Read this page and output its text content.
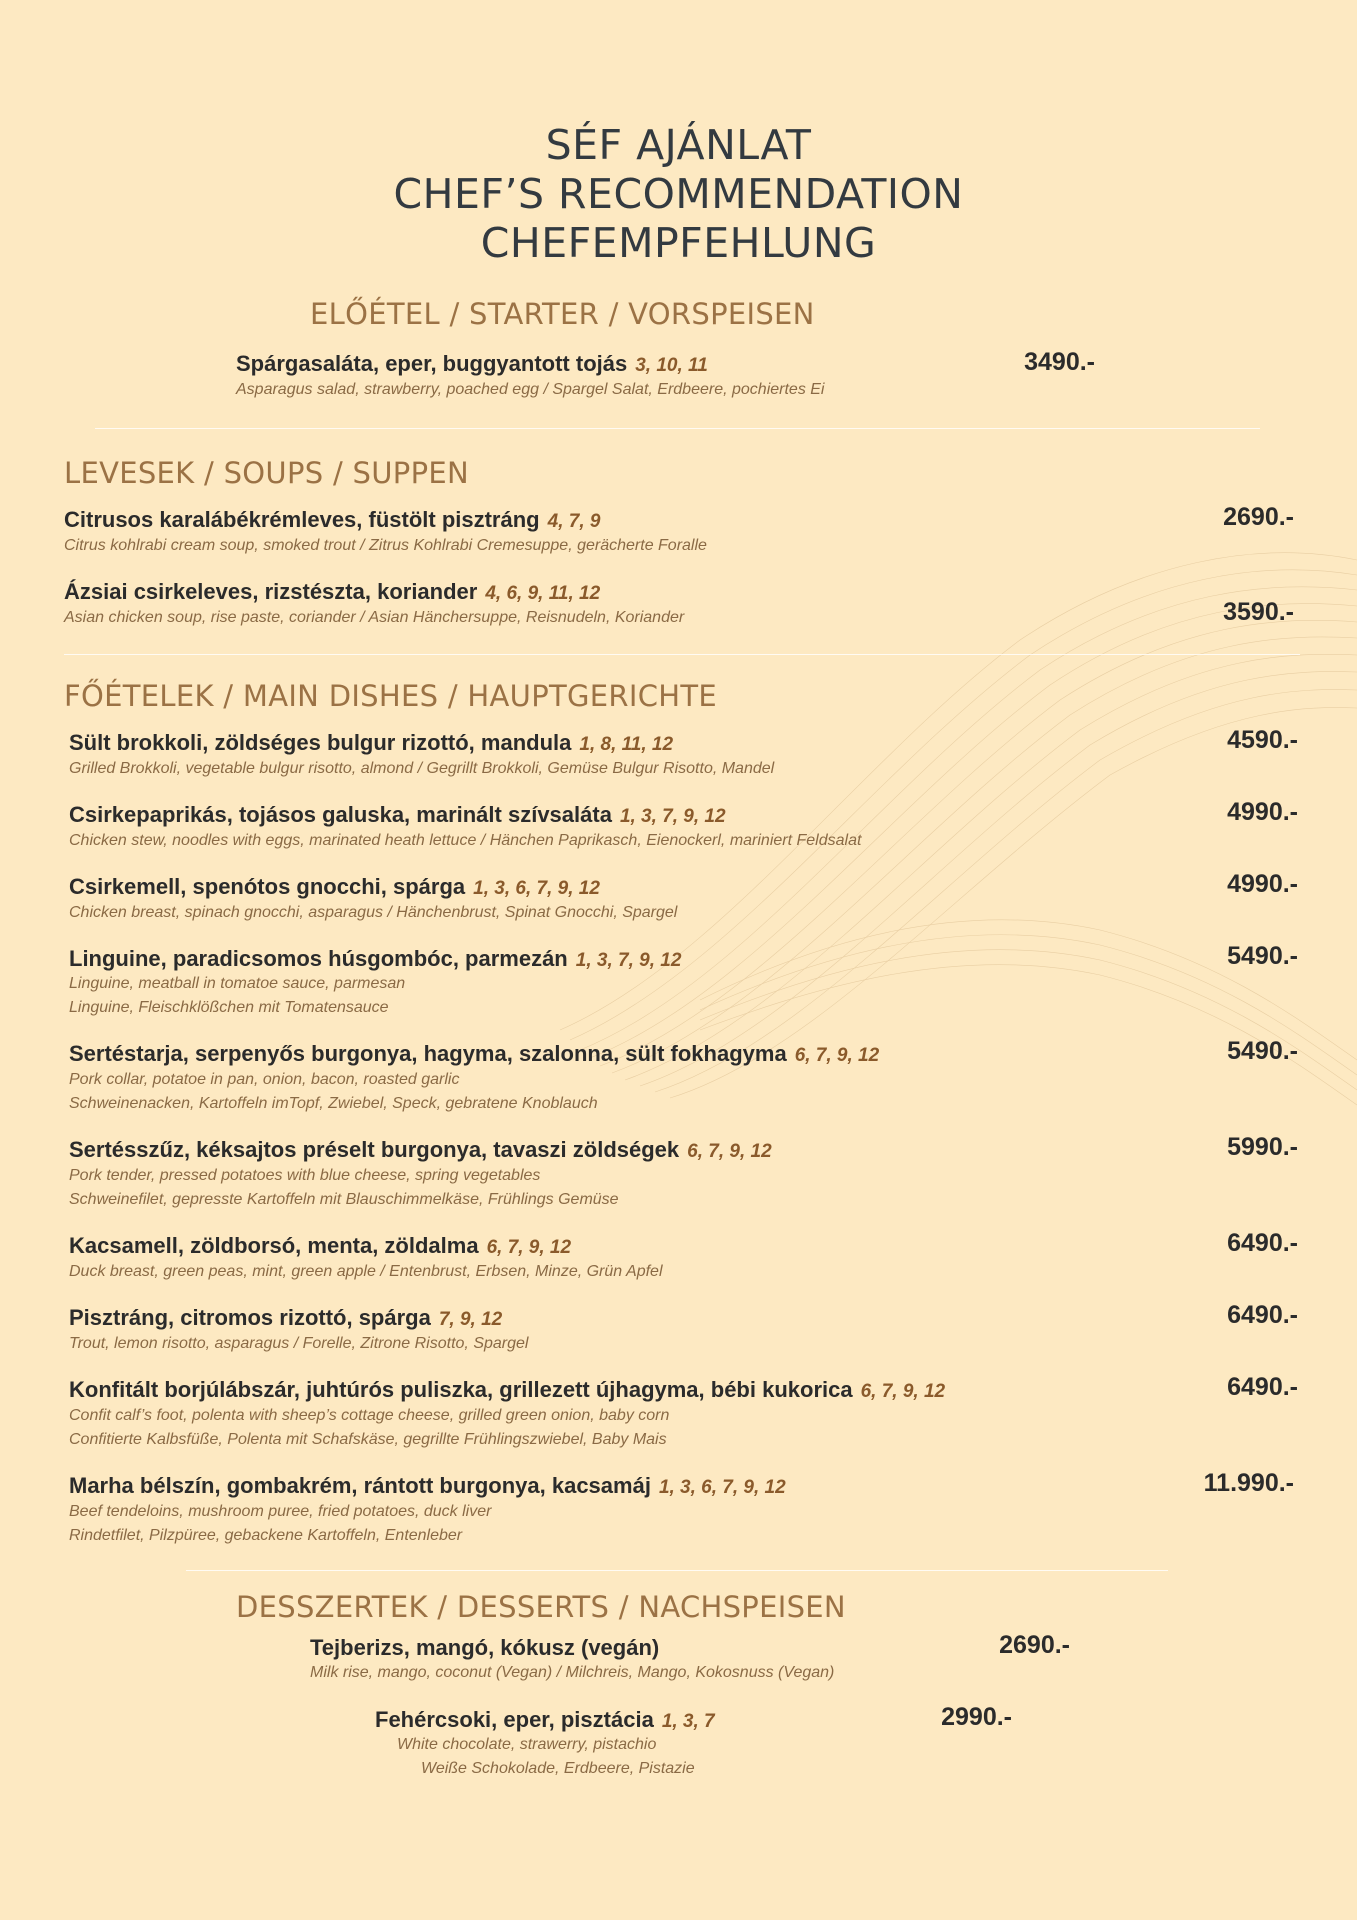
SÉF AJÁNLAT
CHEF’S RECOMMENDATION
CHEFEMPFEHLUNG
ELŐÉTEL / STARTER / VORSPEISEN
Spárgasaláta, eper, buggyantott tojás 3, 10, 11
Asparagus salad, strawberry, poached egg / Spargel Salat, Erdbeere, pochiertes Ei
3490.-
LEVESEK / SOUPS / SUPPEN
Citrusos karalábékrémleves, füstölt pisztráng 4, 7, 9
Citrus kohlrabi cream soup, smoked trout / Zitrus Kohlrabi Cremesuppe, gerächerte Foralle
2690.-
Ázsiai csirkeleves, rizstészta, koriander 4, 6, 9, 11, 12
Asian chicken soup, rise paste, coriander / Asian Hänchersuppe, Reisnudeln, Koriander	3590.-
FŐÉTELEK / MAIN DISHES / HAUPTGERICHTE
Sült brokkoli, zöldséges bulgur rizottó, mandula 1, 8, 11, 12
Grilled Brokkoli, vegetable bulgur risotto, almond / Gegrillt Brokkoli, Gemüse Bulgur Risotto, Mandel
4590.-
Csirkepaprikás, tojásos galuska, marinált szívsaláta 1, 3, 7, 9, 12
Chicken stew, noodles with eggs, marinated heath lettuce / Hänchen Paprikasch, Eienockerl, mariniert Feldsalat
4990.-
Csirkemell, spenótos gnocchi, spárga 1, 3, 6, 7, 9, 12
Chicken breast, spinach gnocchi, asparagus / Hänchenbrust, Spinat Gnocchi, Spargel
4990.-
Linguine, paradicsomos húsgombóc, parmezán 1, 3, 7, 9, 12
Linguine, meatball in tomatoe sauce, parmesan
Linguine, Fleischklößchen mit Tomatensauce
5490.-
Sertéstarja, serpenyős burgonya, hagyma, szalonna, sült fokhagyma 6, 7, 9, 12
Pork collar, potatoe in pan, onion, bacon, roasted garlic
Schweinenacken, Kartoffeln imTopf, Zwiebel, Speck, gebratene Knoblauch
5490.-
Sertésszűz, kéksajtos préselt burgonya, tavaszi zöldségek 6, 7, 9, 12
Pork tender, pressed potatoes with blue cheese, spring vegetables
Schweinefilet, gepresste Kartoffeln mit Blauschimmelkäse, Frühlings Gemüse
5990.-
Kacsamell, zöldborsó, menta, zöldalma 6, 7, 9, 12
Duck breast, green peas, mint, green apple / Entenbrust, Erbsen, Minze, Grün Apfel
6490.-
Pisztráng, citromos rizottó, spárga 7, 9, 12
Trout, lemon risotto, asparagus / Forelle, Zitrone Risotto, Spargel
6490.-
Konfitált borjúlábszár, juhtúrós puliszka, grillezett újhagyma, bébi kukorica 6, 7, 9, 12
Confit calf’s foot, polenta with sheep’s cottage cheese, grilled green onion, baby corn
Confitierte Kalbsfüße, Polenta mit Schafskäse, gegrillte Frühlingszwiebel, Baby Mais
6490.-
Marha bélszín, gombakrém, rántott burgonya, kacsamáj 1, 3, 6, 7, 9, 12
Beef tendeloins, mushroom puree, fried potatoes, duck liver
Rindetfilet, Pilzpüree, gebackene Kartoffeln, Entenleber
11.990.-
DESSZERTEK / DESSERTS / NACHSPEISEN
Tejberizs, mangó, kókusz (vegán)
Milk rise, mango, coconut (Vegan) / Milchreis, Mango, Kokosnuss (Vegan)
2690.-
Fehércsoki, eper, pisztácia 1, 3, 7
White chocolate, strawerry, pistachio
Weiße Schokolade, Erdbeere, Pistazie
2990.-
